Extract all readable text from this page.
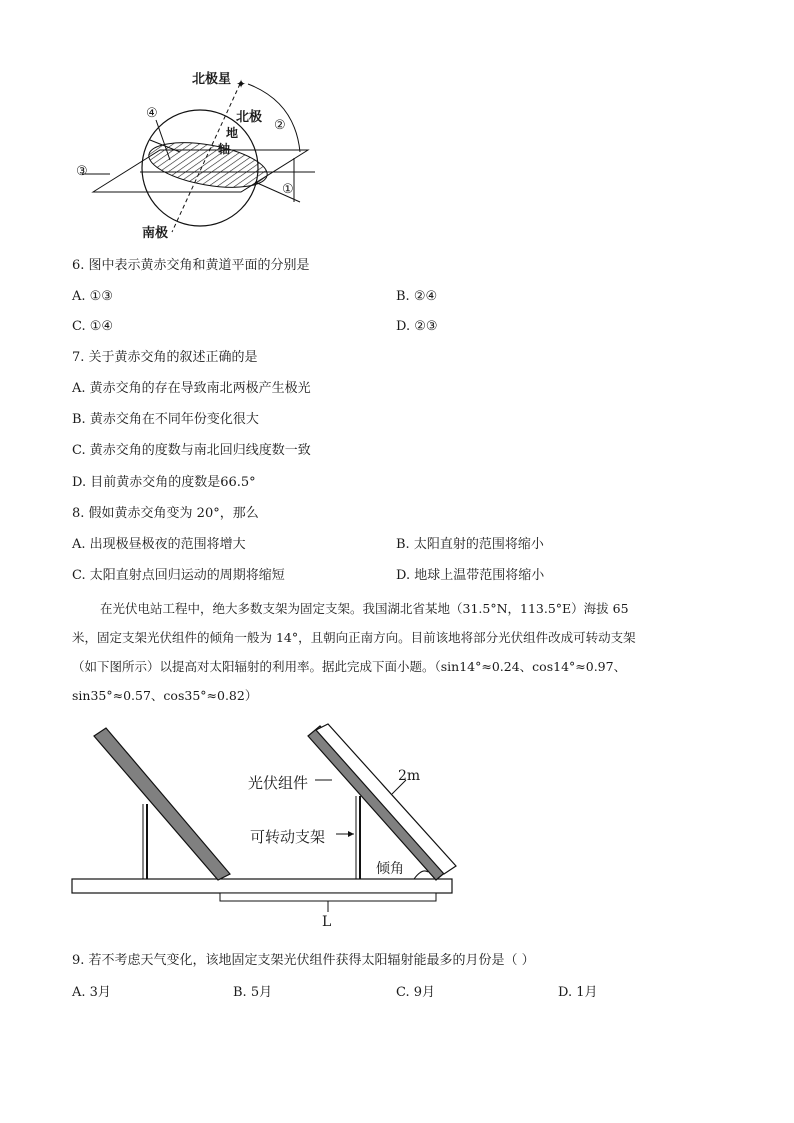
✦
北极星
北极
地
轴
南极
④
②
③
①
6. 图中表示黄赤交角和黄道平面的分别是
A. ①③	B. ②④
C. ①④	D. ②③
7. 关于黄赤交角的叙述正确的是
A. 黄赤交角的存在导致南北两极产生极光
B. 黄赤交角在不同年份变化很大
C. 黄赤交角的度数与南北回归线度数一致
D. 目前黄赤交角的度数是66.5°
8. 假如黄赤交角变为 20°，那么
A. 出现极昼极夜的范围将增大	B. 太阳直射的范围将缩小
C. 太阳直射点回归运动的周期将缩短	D. 地球上温带范围将缩小
在光伏电站工程中，绝大多数支架为固定支架。我国湖北省某地（31.5°N，113.5°E）海拔 65
米，固定支架光伏组件的倾角一般为 14°，且朝向正南方向。目前该地将部分光伏组件改成可转动支架
（如下图所示）以提高对太阳辐射的利用率。据此完成下面小题。（sin14°≈0.24、cos14°≈0.97、
sin35°≈0.57、cos35°≈0.82）
光伏组件
可转动支架
2m
倾角
L
9. 若不考虑天气变化，该地固定支架光伏组件获得太阳辐射能最多的月份是（ ）
A. 3月	B. 5月	C. 9月	D. 1月
